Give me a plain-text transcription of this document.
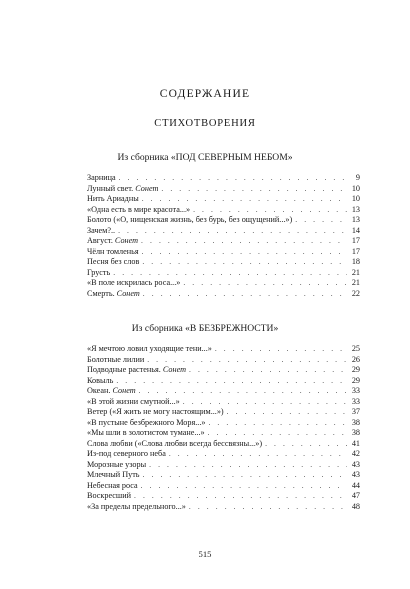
СОДЕРЖАНИЕ
СТИХОТВОРЕНИЯ
Из сборника «ПОД СЕВЕРНЫМ НЕБОМ»
Зарница . . .	9
Лунный свет. Сонет . . .	10
Нить Ариадны . . .	10
«Одна есть в мире красота...» . . .	13
Болото («О, нищенская жизнь, без бурь, без ощущений...») . . .	13
Зачем?.. . . .	14
Август. Сонет . . .	17
Чёлн томленья . . .	17
Песня без слов . . .	18
Грусть . . .	21
«В поле искрилась роса...» . . .	21
Смерть. Сонет . . .	22
Из сборника «В БЕЗБРЕЖНОСТИ»
«Я мечтою ловил уходящие тени...» . . .	25
Болотные лилии . . .	26
Подводные растенья. Сонет . . .	29
Ковыль . . .	29
Океан. Сонет . . .	33
«В этой жизни смутной...» . . .	33
Ветер («Я жить не могу настоящим...») . . .	37
«В пустыне безбрежного Моря...» . . .	38
«Мы шли в золотистом тумане...» . . .	38
Слова любви («Слова любви всегда бессвязны...») . . .	41
Из-под северного неба . . .	42
Морозные узоры . . .	43
Млечный Путь . . .	43
Небесная роса . . .	44
Воскресший . . .	47
«За пределы предельного...» . . .	48
515
